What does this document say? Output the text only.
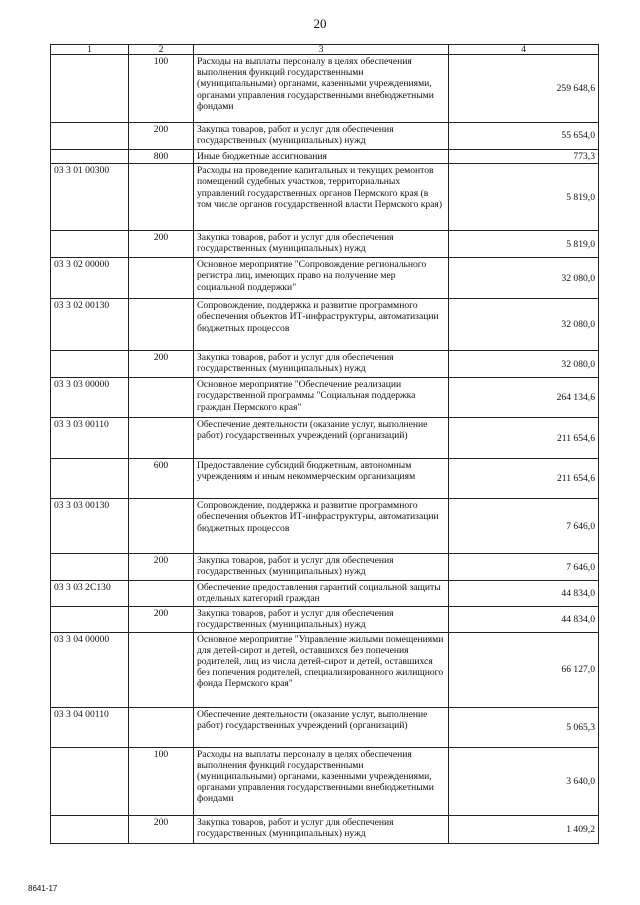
20
1	2	3	4
	100	Расходы на выплаты персоналу в целях обеспечения выполнения функций государственными (муниципальными) органами, казенными учреждениями, органами управления государственными внебюджетными фондами	259 648,6
	200	Закупка товаров, работ и услуг для обеспечения государственных (муниципальных) нужд	55 654,0
	800	Иные бюджетные ассигнования	773,3
03 3 01 00300		Расходы на проведение капитальных и текущих ремонтов помещений судебных участков, территориальных управлений государственных органов Пермского края (в том числе органов государственной власти Пермского края)	5 819,0
	200	Закупка товаров, работ и услуг для обеспечения государственных (муниципальных) нужд	5 819,0
03 3 02 00000		Основное мероприятие "Сопровождение регионального регистра лиц, имеющих право на получение мер социальной поддержки"	32 080,0
03 3 02 00130		Сопровождение, поддержка и развитие программного обеспечения объектов ИТ-инфраструктуры, автоматизации бюджетных процессов	32 080,0
	200	Закупка товаров, работ и услуг для обеспечения государственных (муниципальных) нужд	32 080,0
03 3 03 00000		Основное мероприятие "Обеспечение реализации государственной программы "Социальная поддержка граждан Пермского края"	264 134,6
03 3 03 00110		Обеспечение деятельности (оказание услуг, выполнение работ) государственных учреждений (организаций)	211 654,6
	600	Предоставление субсидий бюджетным, автономным учреждениям и иным некоммерческим организациям	211 654,6
03 3 03 00130		Сопровождение, поддержка и развитие программного обеспечения объектов ИТ-инфраструктуры, автоматизации бюджетных процессов	7 646,0
	200	Закупка товаров, работ и услуг для обеспечения государственных (муниципальных) нужд	7 646,0
03 3 03 2С130		Обеспечение предоставления гарантий социальной защиты отдельных категорий граждан	44 834,0
	200	Закупка товаров, работ и услуг для обеспечения государственных (муниципальных) нужд	44 834,0
03 3 04 00000		Основное мероприятие "Управление жилыми помещениями для детей-сирот и детей, оставшихся без попечения родителей, лиц из числа детей-сирот и детей, оставшихся без попечения родителей, специализированного жилищного фонда Пермского края"	66 127,0
03 3 04 00110		Обеспечение деятельности (оказание услуг, выполнение работ) государственных учреждений (организаций)	5 065,3
	100	Расходы на выплаты персоналу в целях обеспечения выполнения функций государственными (муниципальными) органами, казенными учреждениями, органами управления государственными внебюджетными фондами	3 640,0
	200	Закупка товаров, работ и услуг для обеспечения государственных (муниципальных) нужд	1 409,2
8641-17
